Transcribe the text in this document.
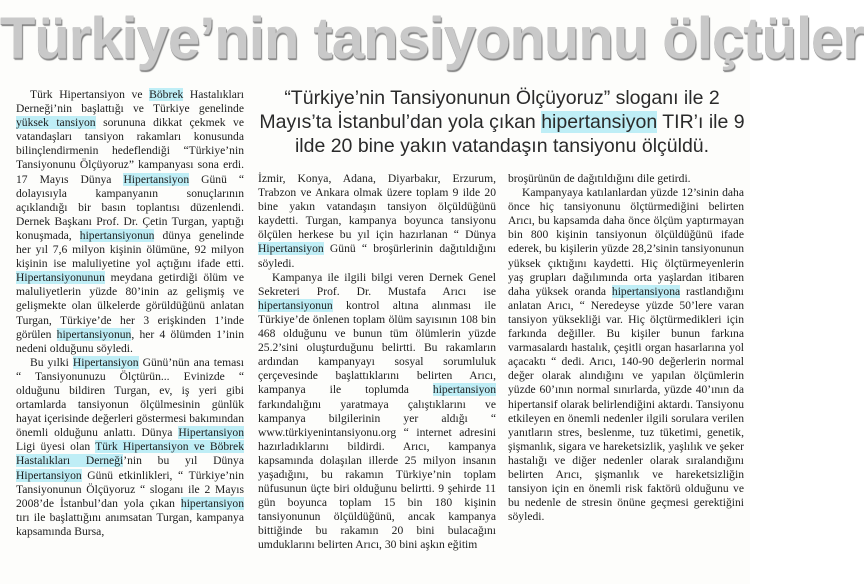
Türkiye’nin tansiyonunu ölçtüler
“Türkiye’nin Tansiyonunun Ölçüyoruz” sloganı ile 2 Mayıs’ta İstanbul’dan yola çıkan hipertansiyon TIR’ı ile 9 ilde 20 bine yakın vatandaşın tansiyonu ölçüldü.

Türk Hipertansiyon ve Böbrek Hastalıkları Derneği’nin başlattığı ve Türkiye genelinde yüksek tansiyon sorununa dikkat çekmek ve vatandaşları tansiyon rakamları konusunda bilinçlendirmenin hedeflendiği “Türkiye’nin Tansiyonunu Ölçüyoruz” kampanyası sona erdi. 17 Mayıs Dünya Hipertansiyon Günü “ dolayısıyla kampanyanın sonuçlarının açıklandığı bir basın toplantısı düzenlendi. Dernek Başkanı Prof. Dr. Çetin Turgan, yaptığı konuşmada, hipertansiyonun dünya genelinde her yıl 7,6 milyon kişinin ölümüne, 92 milyon kişinin ise maluliyetine yol açtığını ifade etti. Hipertansiyonunun meydana getirdiği ölüm ve maluliyetlerin yüzde 80’inin az gelişmiş ve gelişmekte olan ülkelerde görüldüğünü anlatan Turgan, Türkiye’de her 3 erişkinden 1’inde görülen hipertansiyonun, her 4 ölümden 1’inin nedeni olduğunu söyledi.

Bu yılki Hipertansiyon Günü’nün ana teması “ Tansiyonunuzu Ölçtürün... Evinizde “ olduğunu bildiren Turgan, ev, iş yeri gibi ortamlarda tansiyonun ölçülmesinin günlük hayat içerisinde değerleri göstermesi bakımından önemli olduğunu anlattı. Dünya Hipertansiyon Ligi üyesi olan Türk Hipertansiyon ve Böbrek Hastalıkları Derneği’nin bu yıl Dünya Hipertansiyon Günü etkinlikleri, “ Türkiye’nin Tansiyonunun Ölçüyoruz “ sloganı ile 2 Mayıs 2008’de İstanbul’dan yola çıkan hipertansiyon tırı ile başlattığını anımsatan Turgan, kampanya kapsamında Bursa,

İzmir, Konya, Adana, Diyarbakır, Erzurum, Trabzon ve Ankara olmak üzere toplam 9 ilde 20 bine yakın vatandaşın tansiyon ölçüldüğünü kaydetti. Turgan, kampanya boyunca tansiyonu ölçülen herkese bu yıl için hazırlanan “ Dünya Hipertansiyon Günü “ broşürlerinin dağıtıldığını söyledi.

Kampanya ile ilgili bilgi veren Dernek Genel Sekreteri Prof. Dr. Mustafa Arıcı ise hipertansiyonun kontrol altına alınması ile Türkiye’de önlenen toplam ölüm sayısının 108 bin 468 olduğunu ve bunun tüm ölümlerin yüzde 25.2’sini oluşturduğunu belirtti. Bu rakamların ardından kampanyayı sosyal sorumluluk çerçevesinde başlattıklarını belirten Arıcı, kampanya ile toplumda hipertansiyon farkındalığını yaratmaya çalıştıklarını ve kampanya bilgilerinin yer aldığı “ www.türkiyenintansiyonu.org “ internet adresini hazırladıklarını bildirdi. Arıcı, kampanya kapsamında dolaşılan illerde 25 milyon insanın yaşadığını, bu rakamın Türkiye’nin toplam nüfusunun üçte biri olduğunu belirtti. 9 şehirde 11 gün boyunca toplam 15 bin 180 kişinin tansiyonunun ölçüldüğünü, ancak kampanya bittiğinde bu rakamın 20 bini bulacağını umduklarını belirten Arıcı, 30 bini aşkın eğitim

broşürünün de dağıtıldığını dile getirdi.

Kampanyaya katılanlardan yüzde 12’sinin daha önce hiç tansiyonunu ölçtürmediğini belirten Arıcı, bu kapsamda daha önce ölçüm yaptırmayan bin 800 kişinin tansiyonun ölçüldüğünü ifade ederek, bu kişilerin yüzde 28,2’sinin tansiyonunun yüksek çıktığını kaydetti. Hiç ölçtürmeyenlerin yaş grupları dağılımında orta yaşlardan itibaren daha yüksek oranda hipertansiyona rastlandığını anlatan Arıcı, “ Neredeyse yüzde 50’lere varan tansiyon yüksekliği var. Hiç ölçtürmedikleri için farkında değiller. Bu kişiler bunun farkına varmasalardı hastalık, çeşitli organ hasarlarına yol açacaktı “ dedi. Arıcı, 140-90 değerlerin normal değer olarak alındığını ve yapılan ölçümlerin yüzde 60’ının normal sınırlarda, yüzde 40’ının da hipertansif olarak belirlendiğini aktardı. Tansiyonu etkileyen en önemli nedenler ilgili sorulara verilen yanıtların stres, beslenme, tuz tüketimi, genetik, şişmanlık, sigara ve hareketsizlik, yaşlılık ve şeker hastalığı ve diğer nedenler olarak sıralandığını belirten Arıcı, şişmanlık ve hareketsizliğin tansiyon için en önemli risk faktörü olduğunu ve bu nedenle de stresin önüne geçmesi gerektiğini söyledi.
